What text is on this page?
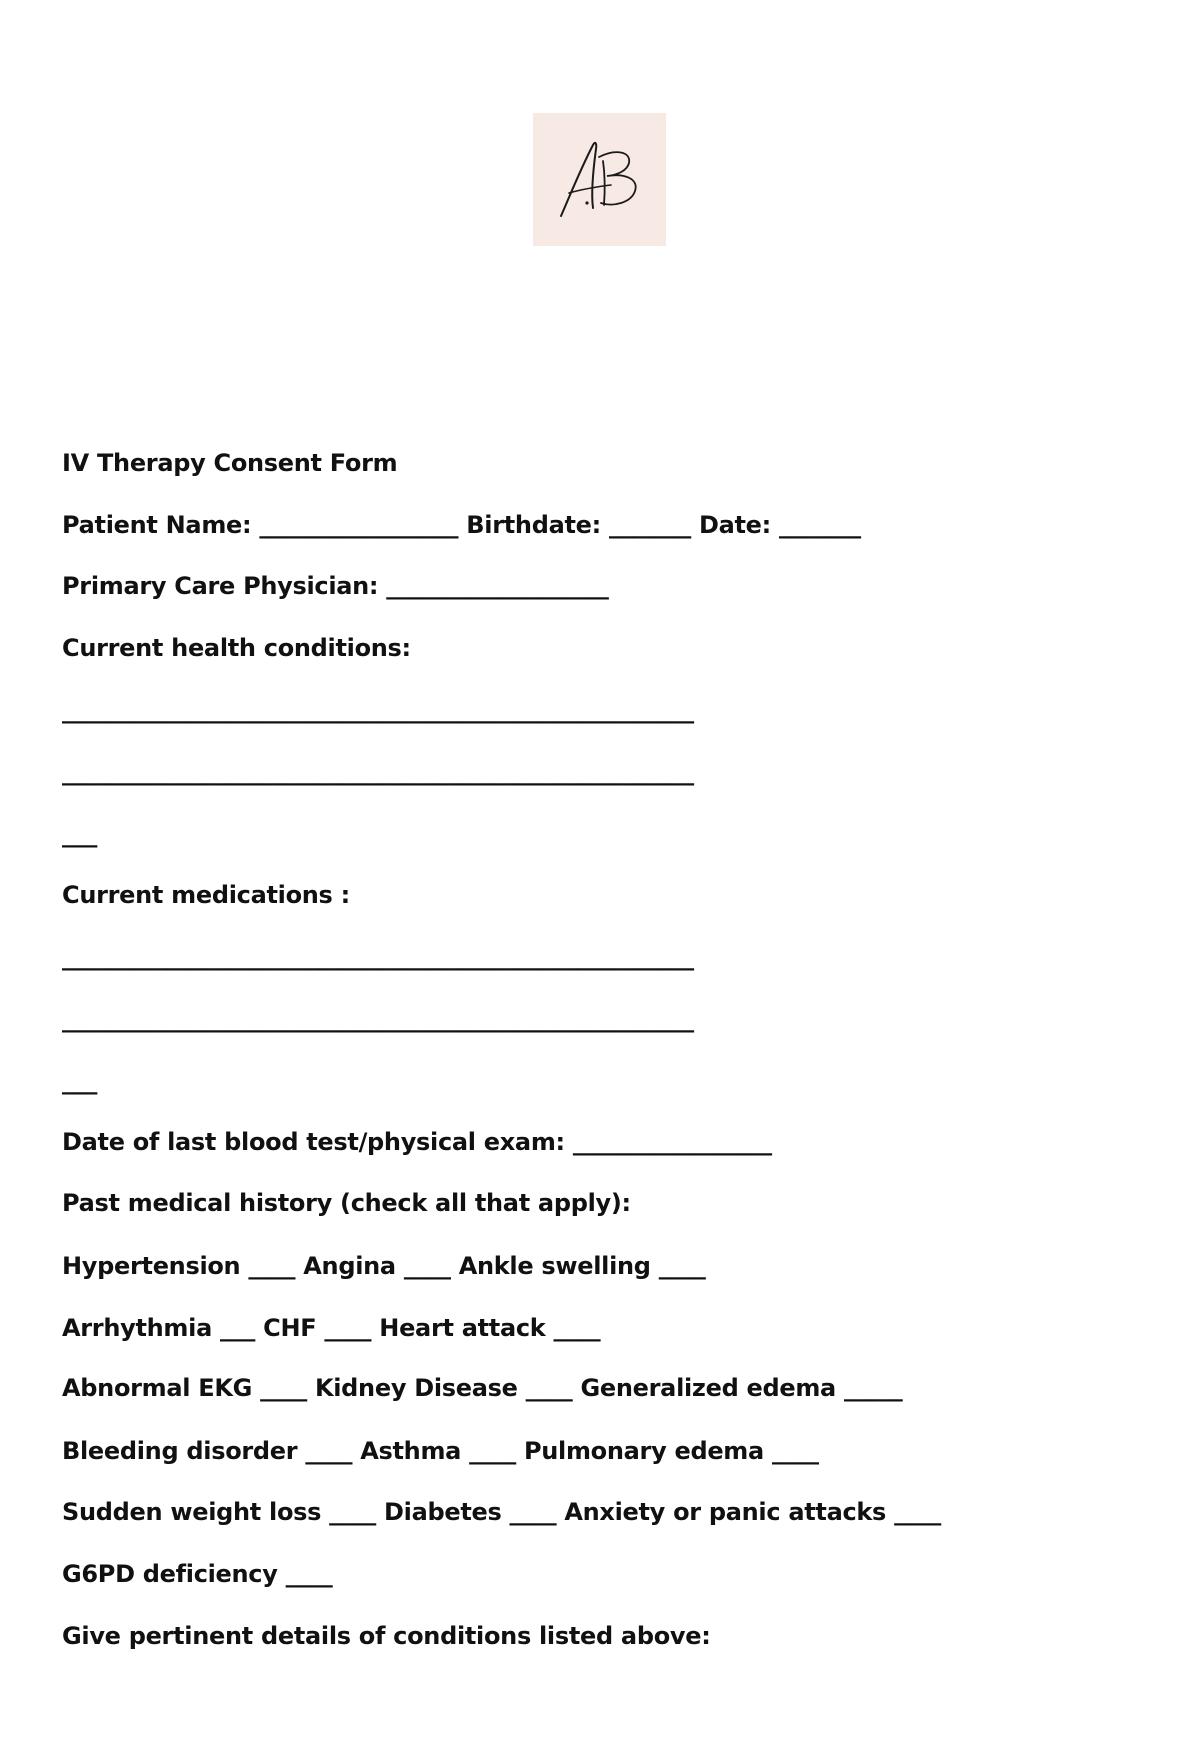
IV Therapy Consent Form

Patient Name: _________________ Birthdate: _______ Date: _______

Primary Care Physician: ___________________

Current health conditions:

______________________________________________________

______________________________________________________

___

Current medications :

______________________________________________________

______________________________________________________

___

Date of last blood test/physical exam: _________________

Past medical history (check all that apply):

Hypertension ____ Angina ____ Ankle swelling ____

Arrhythmia ___ CHF ____ Heart attack ____

Abnormal EKG ____ Kidney Disease ____ Generalized edema _____

Bleeding disorder ____ Asthma ____ Pulmonary edema ____

Sudden weight loss ____ Diabetes ____ Anxiety or panic attacks ____

G6PD deficiency ____

Give pertinent details of conditions listed above:
